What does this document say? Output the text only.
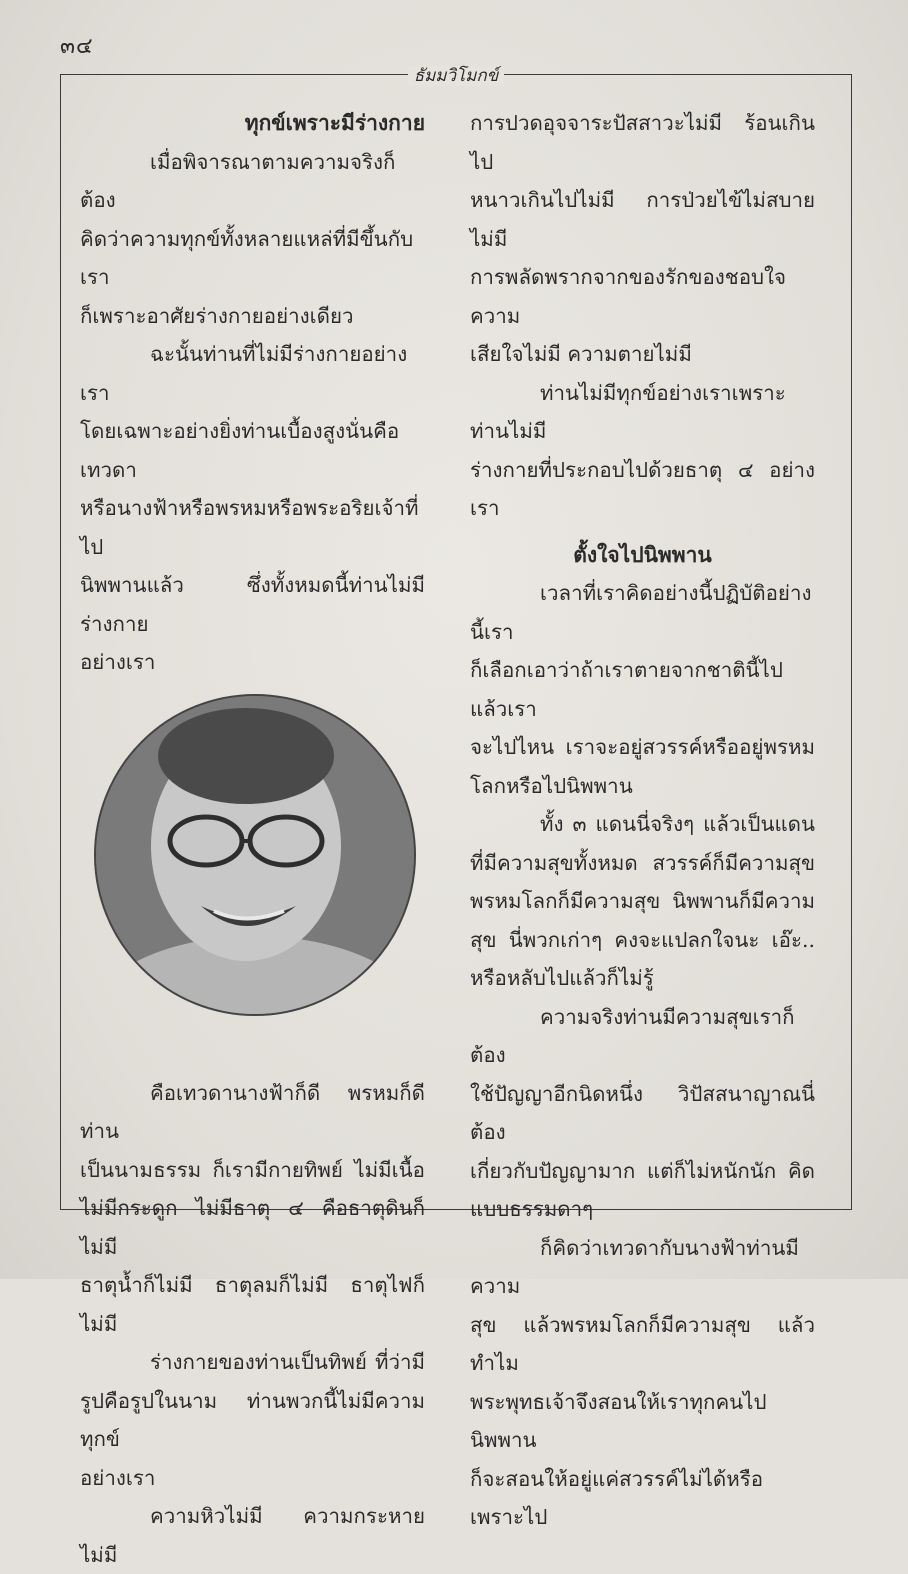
๓๔
ธัมมวิโมกข์

ทุกข์เพราะมีร่างกาย

เมื่อพิจารณาตามความจริงก็ต้อง

คิดว่าความทุกข์ทั้งหลายแหล่ที่มีขึ้นกับเรา

ก็เพราะอาศัยร่างกายอย่างเดียว

ฉะนั้นท่านที่ไม่มีร่างกายอย่างเรา

โดยเฉพาะอย่างยิ่งท่านเบื้องสูงนั่นคือเทวดา

หรือนางฟ้าหรือพรหมหรือพระอริยเจ้าที่ไป

นิพพานแล้ว ซึ่งทั้งหมดนี้ท่านไม่มีร่างกาย

อย่างเรา

คือเทวดานางฟ้าก็ดี พรหมก็ดี ท่าน

เป็นนามธรรม ก็เรามีกายทิพย์ ไม่มีเนื้อ

ไม่มีกระดูก ไม่มีธาตุ ๔ คือธาตุดินก็ไม่มี

ธาตุน้ำก็ไม่มี ธาตุลมก็ไม่มี ธาตุไฟก็ไม่มี

ร่างกายของท่านเป็นทิพย์ ที่ว่ามี

รูปคือรูปในนาม ท่านพวกนี้ไม่มีความทุกข์

อย่างเรา

ความหิวไม่มี ความกระหายไม่มี

การปวดอุจจาระปัสสาวะไม่มี ร้อนเกินไป

หนาวเกินไปไม่มี การป่วยไข้ไม่สบายไม่มี

การพลัดพรากจากของรักของชอบใจความ

เสียใจไม่มี ความตายไม่มี

ท่านไม่มีทุกข์อย่างเราเพราะท่านไม่มี

ร่างกายที่ประกอบไปด้วยธาตุ ๔ อย่างเรา

ตั้งใจไปนิพพาน

เวลาที่เราคิดอย่างนี้ปฏิบัติอย่างนี้เรา

ก็เลือกเอาว่าถ้าเราตายจากชาตินี้ไปแล้วเรา

จะไปไหน เราจะอยู่สวรรค์หรืออยู่พรหม

โลกหรือไปนิพพาน

ทั้ง ๓ แดนนี่จริงๆ แล้วเป็นแดน

ที่มีความสุขทั้งหมด สวรรค์ก็มีความสุข

พรหมโลกก็มีความสุข นิพพานก็มีความ

สุข นี่พวกเก่าๆ คงจะแปลกใจนะ เอ๊ะ..

หรือหลับไปแล้วก็ไม่รู้

ความจริงท่านมีความสุขเราก็ต้อง

ใช้ปัญญาอีกนิดหนึ่ง วิปัสสนาญาณนี่ต้อง

เกี่ยวกับปัญญามาก แต่ก็ไม่หนักนัก คิด

แบบธรรมดาๆ

ก็คิดว่าเทวดากับนางฟ้าท่านมีความ

สุข แล้วพรหมโลกก็มีความสุข แล้วทำไม

พระพุทธเจ้าจึงสอนให้เราทุกคนไปนิพพาน

ก็จะสอนให้อยู่แค่สวรรค์ไม่ได้หรือเพราะไป
